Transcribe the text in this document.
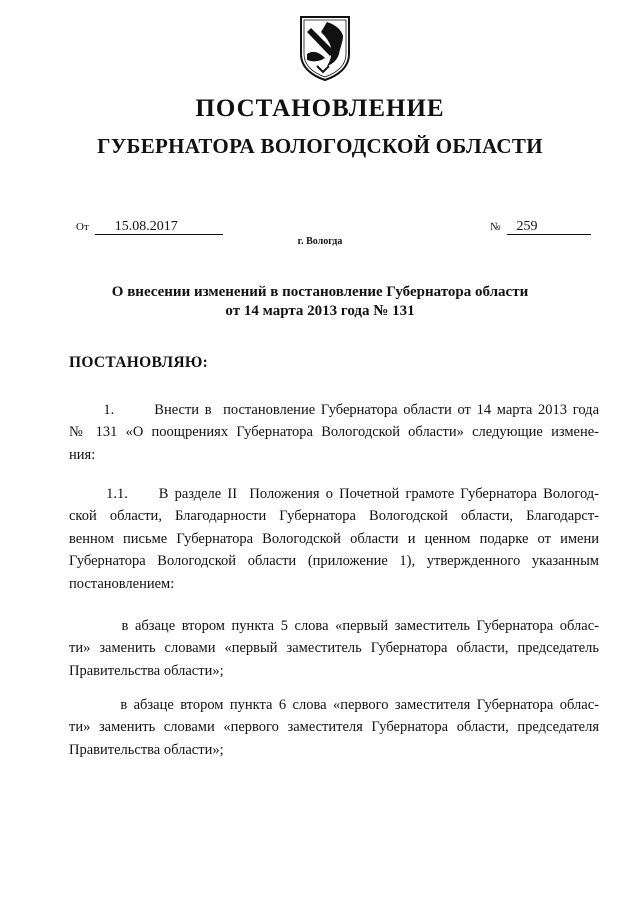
ПОСТАНОВЛЕНИЕ
ГУБЕРНАТОРА ВОЛОГОДСКОЙ ОБЛАСТИ
От 15.08.2017	№ 259
г. Вологда
О внесении изменений в постановление Губернатора области
от 14 марта 2013 года № 131
ПОСТАНОВЛЯЮ:
1.       Внести в  постановление Губернатора области от 14 марта 2013 года
№ 131 «О поощрениях Губернатора Вологодской области» следующие измене-
ния:
1.1.     В разделе II  Положения о Почетной грамоте Губернатора Вологод-
ской области, Благодарности Губернатора Вологодской области, Благодарст-
венном письме Губернатора Вологодской области и ценном подарке от имени
Губернатора Вологодской области (приложение 1), утвержденного указанным
постановлением:
в абзаце втором пункта 5 слова «первый заместитель Губернатора облас-
ти» заменить словами «первый заместитель Губернатора области, председатель
Правительства области»;
в абзаце втором пункта 6 слова «первого заместителя Губернатора облас-
ти» заменить словами «первого заместителя Губернатора области, председателя
Правительства области»;
